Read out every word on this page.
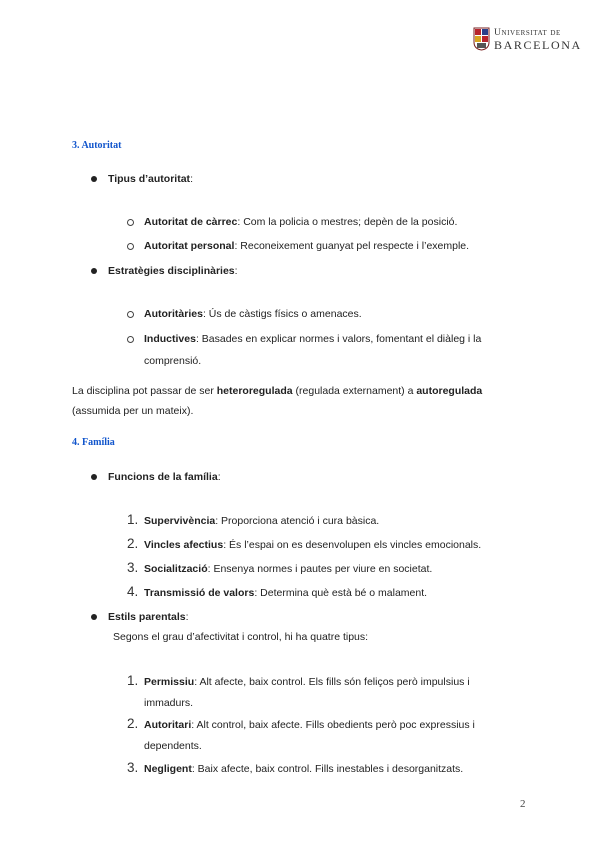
Universitat de
BARCELONA
3. Autoritat
Tipus d’autoritat:
Autoritat de càrrec: Com la policia o mestres; depèn de la posició.
Autoritat personal: Reconeixement guanyat pel respecte i l’exemple.
Estratègies disciplinàries:
Autoritàries: Ús de càstigs físics o amenaces.
Inductives: Basades en explicar normes i valors, fomentant el diàleg i la
comprensió.
La disciplina pot passar de ser heteroregulada (regulada externament) a autoregulada
(assumida per un mateix).
4. Família
Funcions de la família:
1. Supervivència: Proporciona atenció i cura bàsica.
2. Vincles afectius: És l’espai on es desenvolupen els vincles emocionals.
3. Socialització: Ensenya normes i pautes per viure en societat.
4. Transmissió de valors: Determina què està bé o malament.
Estils parentals:
Segons el grau d’afectivitat i control, hi ha quatre tipus:
1. Permissiu: Alt afecte, baix control. Els fills són feliços però impulsius i
immadurs.
2. Autoritari: Alt control, baix afecte. Fills obedients però poc expressius i
dependents.
3. Negligent: Baix afecte, baix control. Fills inestables i desorganitzats.
2
